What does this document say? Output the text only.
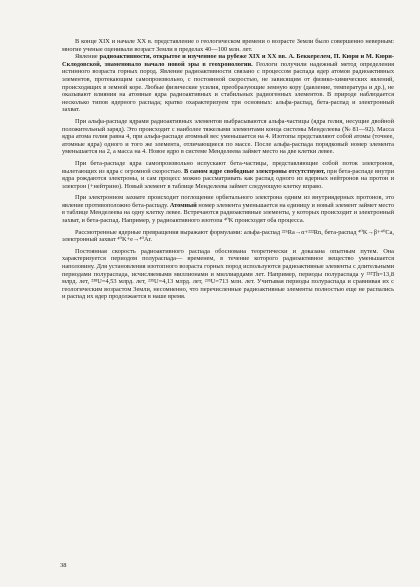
В конце XIX и начале XX в. представление о геологическом времени о возрасте Земли было совершенно неверным: многие ученые оценивали возраст Земли в пределах 40—100 млн. лет.

Явление радиоактивности, открытое и изученное на рубеже XIX и XX вв. А. Беккерелем, П. Кюри и М. Кюри-Склодовской, знаменовало начало новой эры в геохронологии. Геологи получили надежный метод определения истинного возраста горных пород. Явление радиоактивности связано с процессом распада ядер атомов радиоактивных элементов, протекающим самопроизвольно, с постоянной скоростью, не зависящим от физико-химических явлений, происходящих в земной коре. Любые физические усилия, преобразующие земную кору (давление, температура и др.), не оказывают влияния на атомные ядра радиоактивных и стабильных радиогенных элементов. В природе наблюдается несколько типов ядерного распада; кратко охарактеризуем три основных: альфа-распад, бета-распад и электронный захват.

При альфа-распаде ядрами радиоактивных элементов выбрасываются альфа-частицы (ядра гелия, несущие двойной положительный заряд). Это происходит с наиболее тяжелыми элементами конца системы Менделеева (№ 81—92). Масса ядра атома гелия равна 4, при альфа-распаде атомный вес уменьшается на 4. Изотопы представляют собой атомы (точнее, атомные ядра) одного и того же элемента, отличающиеся по массе. После альфа-распада порядковый номер элемента уменьшается на 2, а масса на 4. Новое ядро в системе Менделеева займет место на две клетки левее.

При бета-распаде ядра самопроизвольно испускают бета-частицы, представляющие собой поток электронов, вылетающих из ядра с огромной скоростью. В самом ядре свободные электроны отсутствуют, при бета-распаде внутри ядра рождаются электроны, и сам процесс можно рассматривать как распад одного из ядерных нейтронов на протон и электрон (+нейтрино). Новый элемент в таблице Менделеева займет следующую клетку вправо.

При электронном захвате происходит поглощение орбитального электрона одним из внутриядерных протонов, это явление противоположно бета-распаду. Атомный номер элемента уменьшается на единицу и новый элемент займет место в таблице Менделеева на одну клетку левее. Встречаются радиоактивные элементы, у которых происходит и электронный захват, и бета-распад. Например, у радиоактивного изотопа ⁴⁰K происходят оба процесса.

Рассмотренные ядерные превращения выражают формулами: альфа-распад ²²⁶Ra→α+²²²Rn, бета-распад ⁴⁰K→β+⁴⁰Ca, электронный захват ⁴⁰K+e→⁴⁰Ar.

Постоянная скорость радиоактивного распада обоснована теоретически и доказана опытным путем. Она характеризуется периодом полураспада— временем, в течение которого радиоактивное вещество уменьшается наполовину. Для установления изотопного возраста горных пород используются радиоактивные элементы с длительными периодами полураспада, исчисляемыми миллионами и миллиардами лет. Например, периоды полураспада у ²³²Th=13,8 млрд. лет, ²³⁸U=4,53 млрд. лет, ²³⁵U=4,13 млрд. лет, ²³⁵U=713 млн. лет. Учитывая периоды полураспада и сравнивая их с геологическим возрастом Земли, несомненно, что перечисленные радиоактивные элементы полностью еще не распались и распад их ядер продолжается в наше время.

38
